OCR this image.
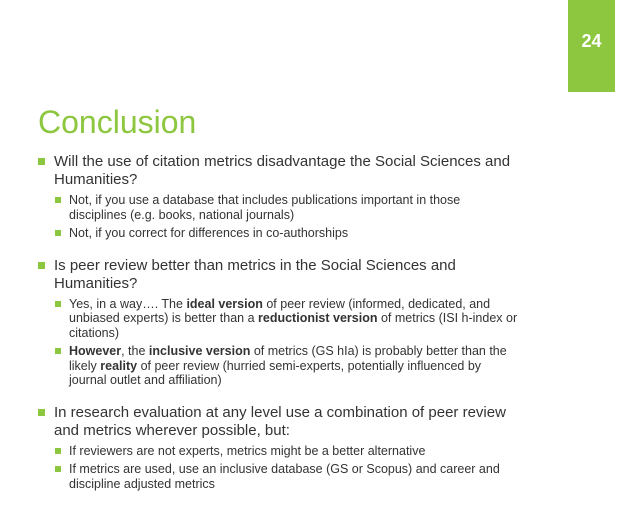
24
Conclusion
Will the use of citation metrics disadvantage the Social Sciences and Humanities?
Not, if you use a database that includes publications important in those disciplines (e.g. books, national journals)
Not, if you correct for differences in co-authorships
Is peer review better than metrics in the Social Sciences and Humanities?
Yes, in a way…. The ideal version of peer review (informed, dedicated, and unbiased experts) is better than a reductionist version of metrics (ISI h-index or citations)
However, the inclusive version of metrics (GS hIa) is probably better than the likely reality of peer review (hurried semi-experts, potentially influenced by journal outlet and affiliation)
In research evaluation at any level use a combination of peer review and metrics wherever possible, but:
If reviewers are not experts, metrics might be a better alternative
If metrics are used, use an inclusive database (GS or Scopus) and career and discipline adjusted metrics
